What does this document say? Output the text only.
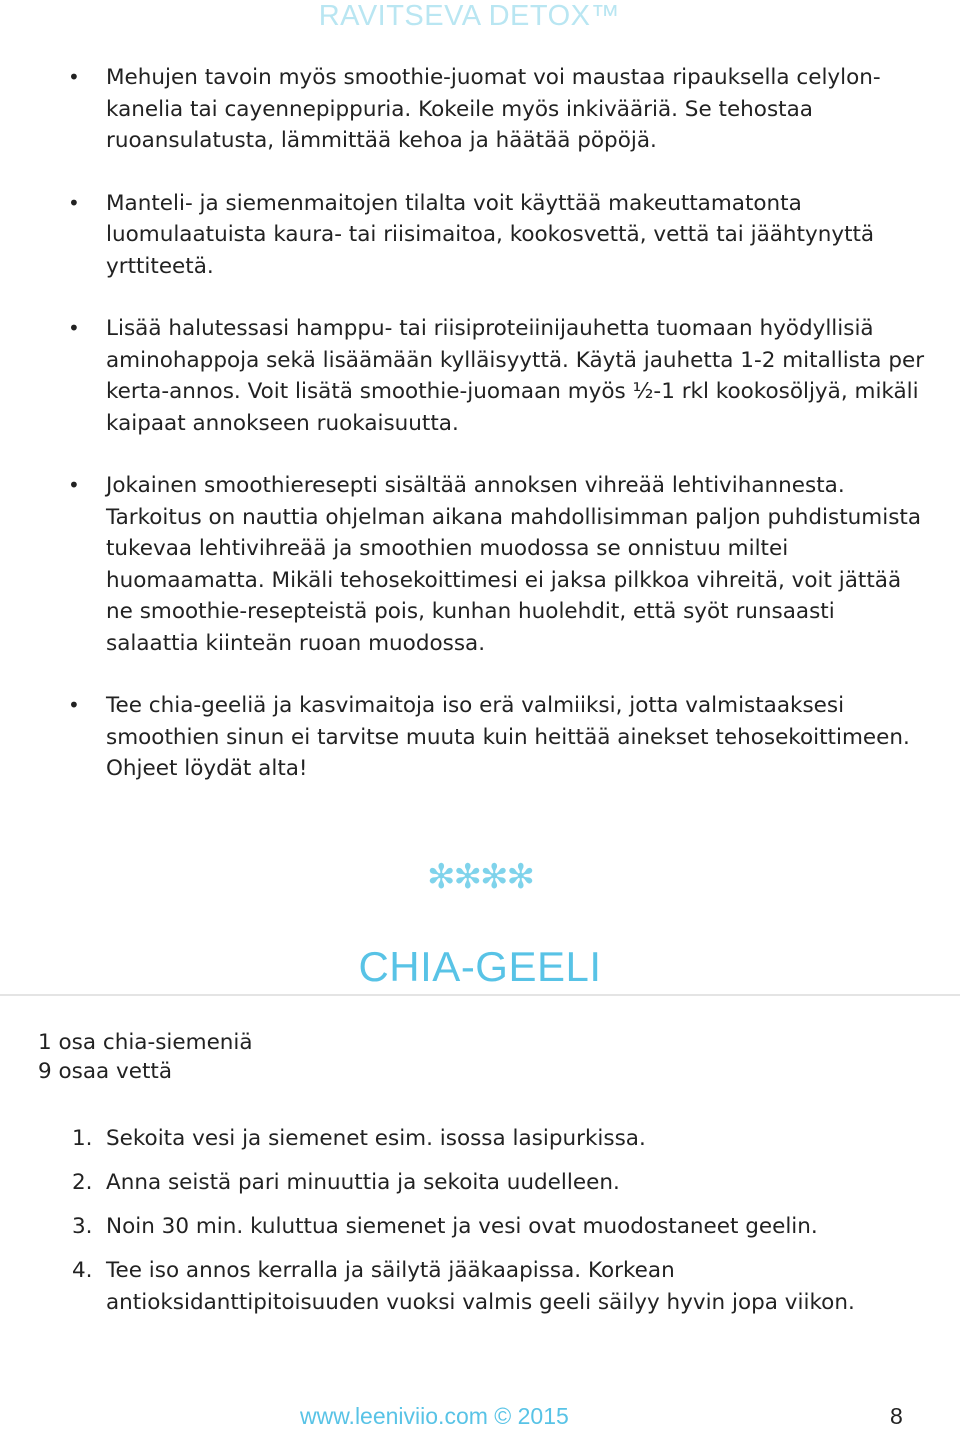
RAVITSEVA DETOX™
• Mehujen tavoin myös smoothie-juomat voi maustaa ripauksella celylon-kanelia tai cayennepippuria. Kokeile myös inkivääriä. Se tehostaa ruoansulatusta, lämmittää kehoa ja häätää pöpöjä.
• Manteli- ja siemenmaitojen tilalta voit käyttää makeuttamatonta luomulaatuista kaura- tai riisimaitoa, kookosvettä, vettä tai jäähtynyttä yrttiteetä.
• Lisää halutessasi hamppu- tai riisiproteiinijauhetta tuomaan hyödyllisiä aminohappoja sekä lisäämään kylläisyyttä. Käytä jauhetta 1-2 mitallista per kerta-annos. Voit lisätä smoothie-juomaan myös ½-1 rkl kookosöljyä, mikäli kaipaat annokseen ruokaisuutta.
• Jokainen smoothieresepti sisältää annoksen vihreää lehtivihannesta. Tarkoitus on nauttia ohjelman aikana mahdollisimman paljon puhdistumista tukevaa lehtivihreää ja smoothien muodossa se onnistuu miltei huomaamatta. Mikäli tehosekoittimesi ei jaksa pilkkoa vihreitä, voit jättää ne smoothie-resepteistä pois, kunhan huolehdit, että syöt runsaasti salaattia kiinteän ruoan muodossa.
• Tee chia-geeliä ja kasvimaitoja iso erä valmiiksi, jotta valmistaaksesi smoothien sinun ei tarvitse muuta kuin heittää ainekset tehosekoittimeen. Ohjeet löydät alta!
✻✻✻✻
CHIA-GEELI
1 osa chia-siemeniä
9 osaa vettä
1. Sekoita vesi ja siemenet esim. isossa lasipurkissa.
2. Anna seistä pari minuuttia ja sekoita uudelleen.
3. Noin 30 min. kuluttua siemenet ja vesi ovat muodostaneet geelin.
4. Tee iso annos kerralla ja säilytä jääkaapissa. Korkean antioksidanttipitoisuuden vuoksi valmis geeli säilyy hyvin jopa viikon.
www.leeniviio.com © 2015	8
